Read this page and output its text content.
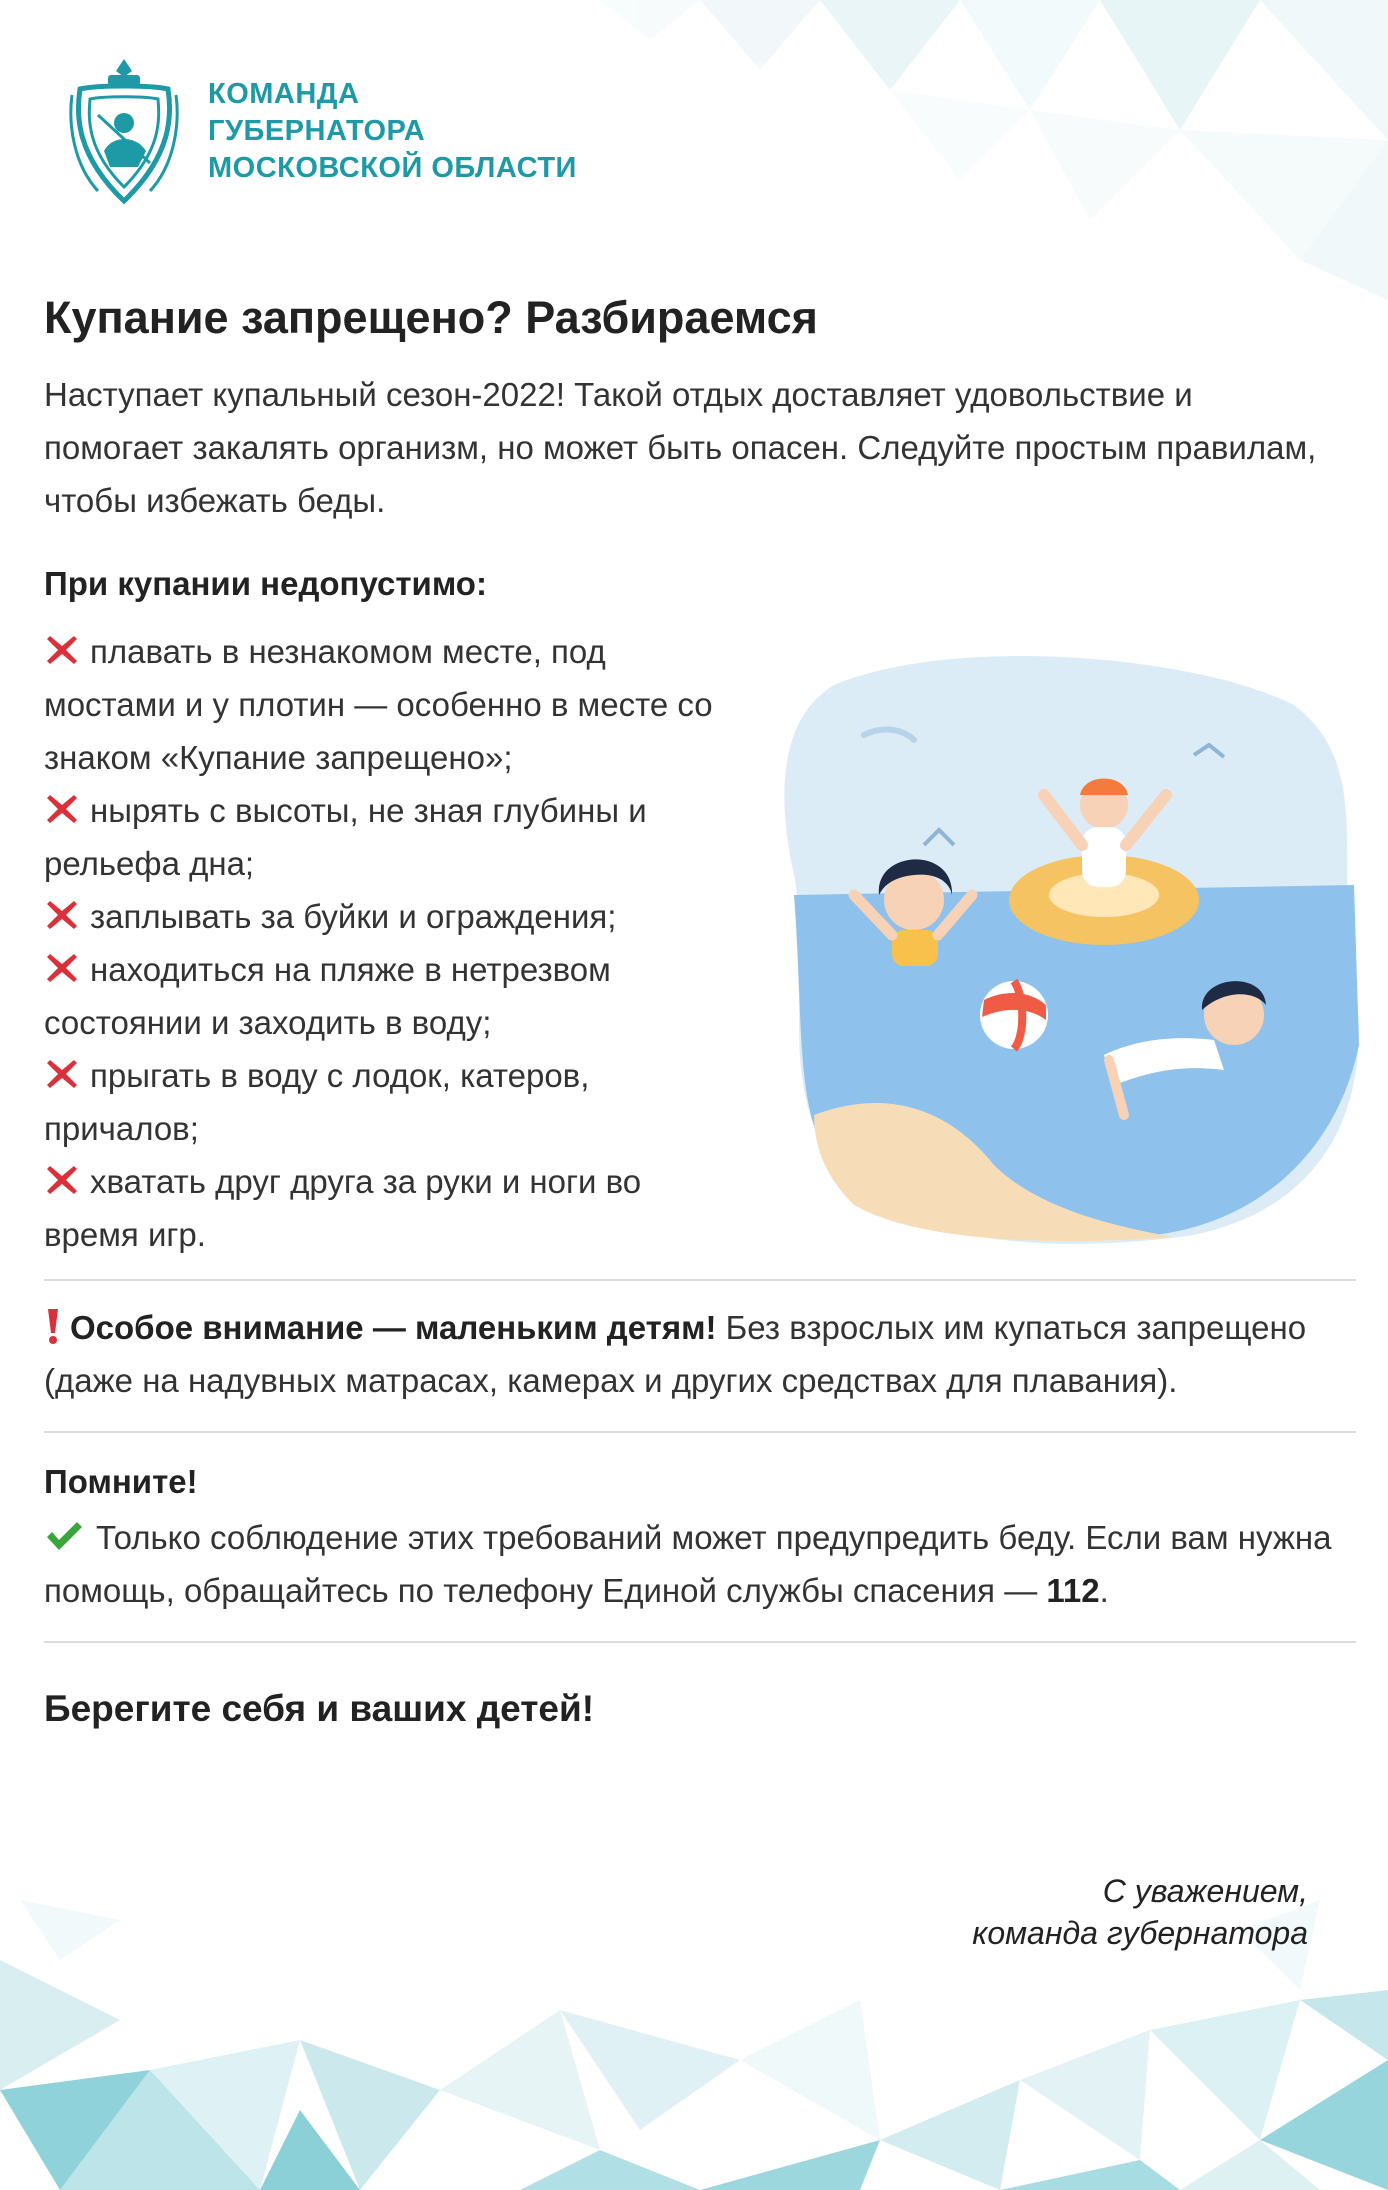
КОМАНДА
ГУБЕРНАТОРА
МОСКОВСКОЙ ОБЛАСТИ
Купание запрещено? Разбираемся
Наступает купальный сезон-2022! Такой отдых доставляет удовольствие и помогает закалять организм, но может быть опасен. Следуйте простым правилам, чтобы избежать беды.
При купании недопустимо:
плавать в незнакомом месте, под мостами и у плотин — особенно в месте со знаком «Купание запрещено»;
нырять с высоты, не зная глубины и рельефа дна;
заплывать за буйки и ограждения;
находиться на пляже в нетрезвом состоянии и заходить в воду;
прыгать в воду с лодок, катеров, причалов;
хватать друг друга за руки и ноги во время игр.
Особое внимание — маленьким детям! Без взрослых им купаться запрещено (даже на надувных матрасах, камерах и других средствах для плавания).
Помните!
Только соблюдение этих требований может предупредить беду. Если вам нужна помощь, обращайтесь по телефону Единой службы спасения — 112.
Берегите себя и ваших детей!
С уважением,
команда губернатора
